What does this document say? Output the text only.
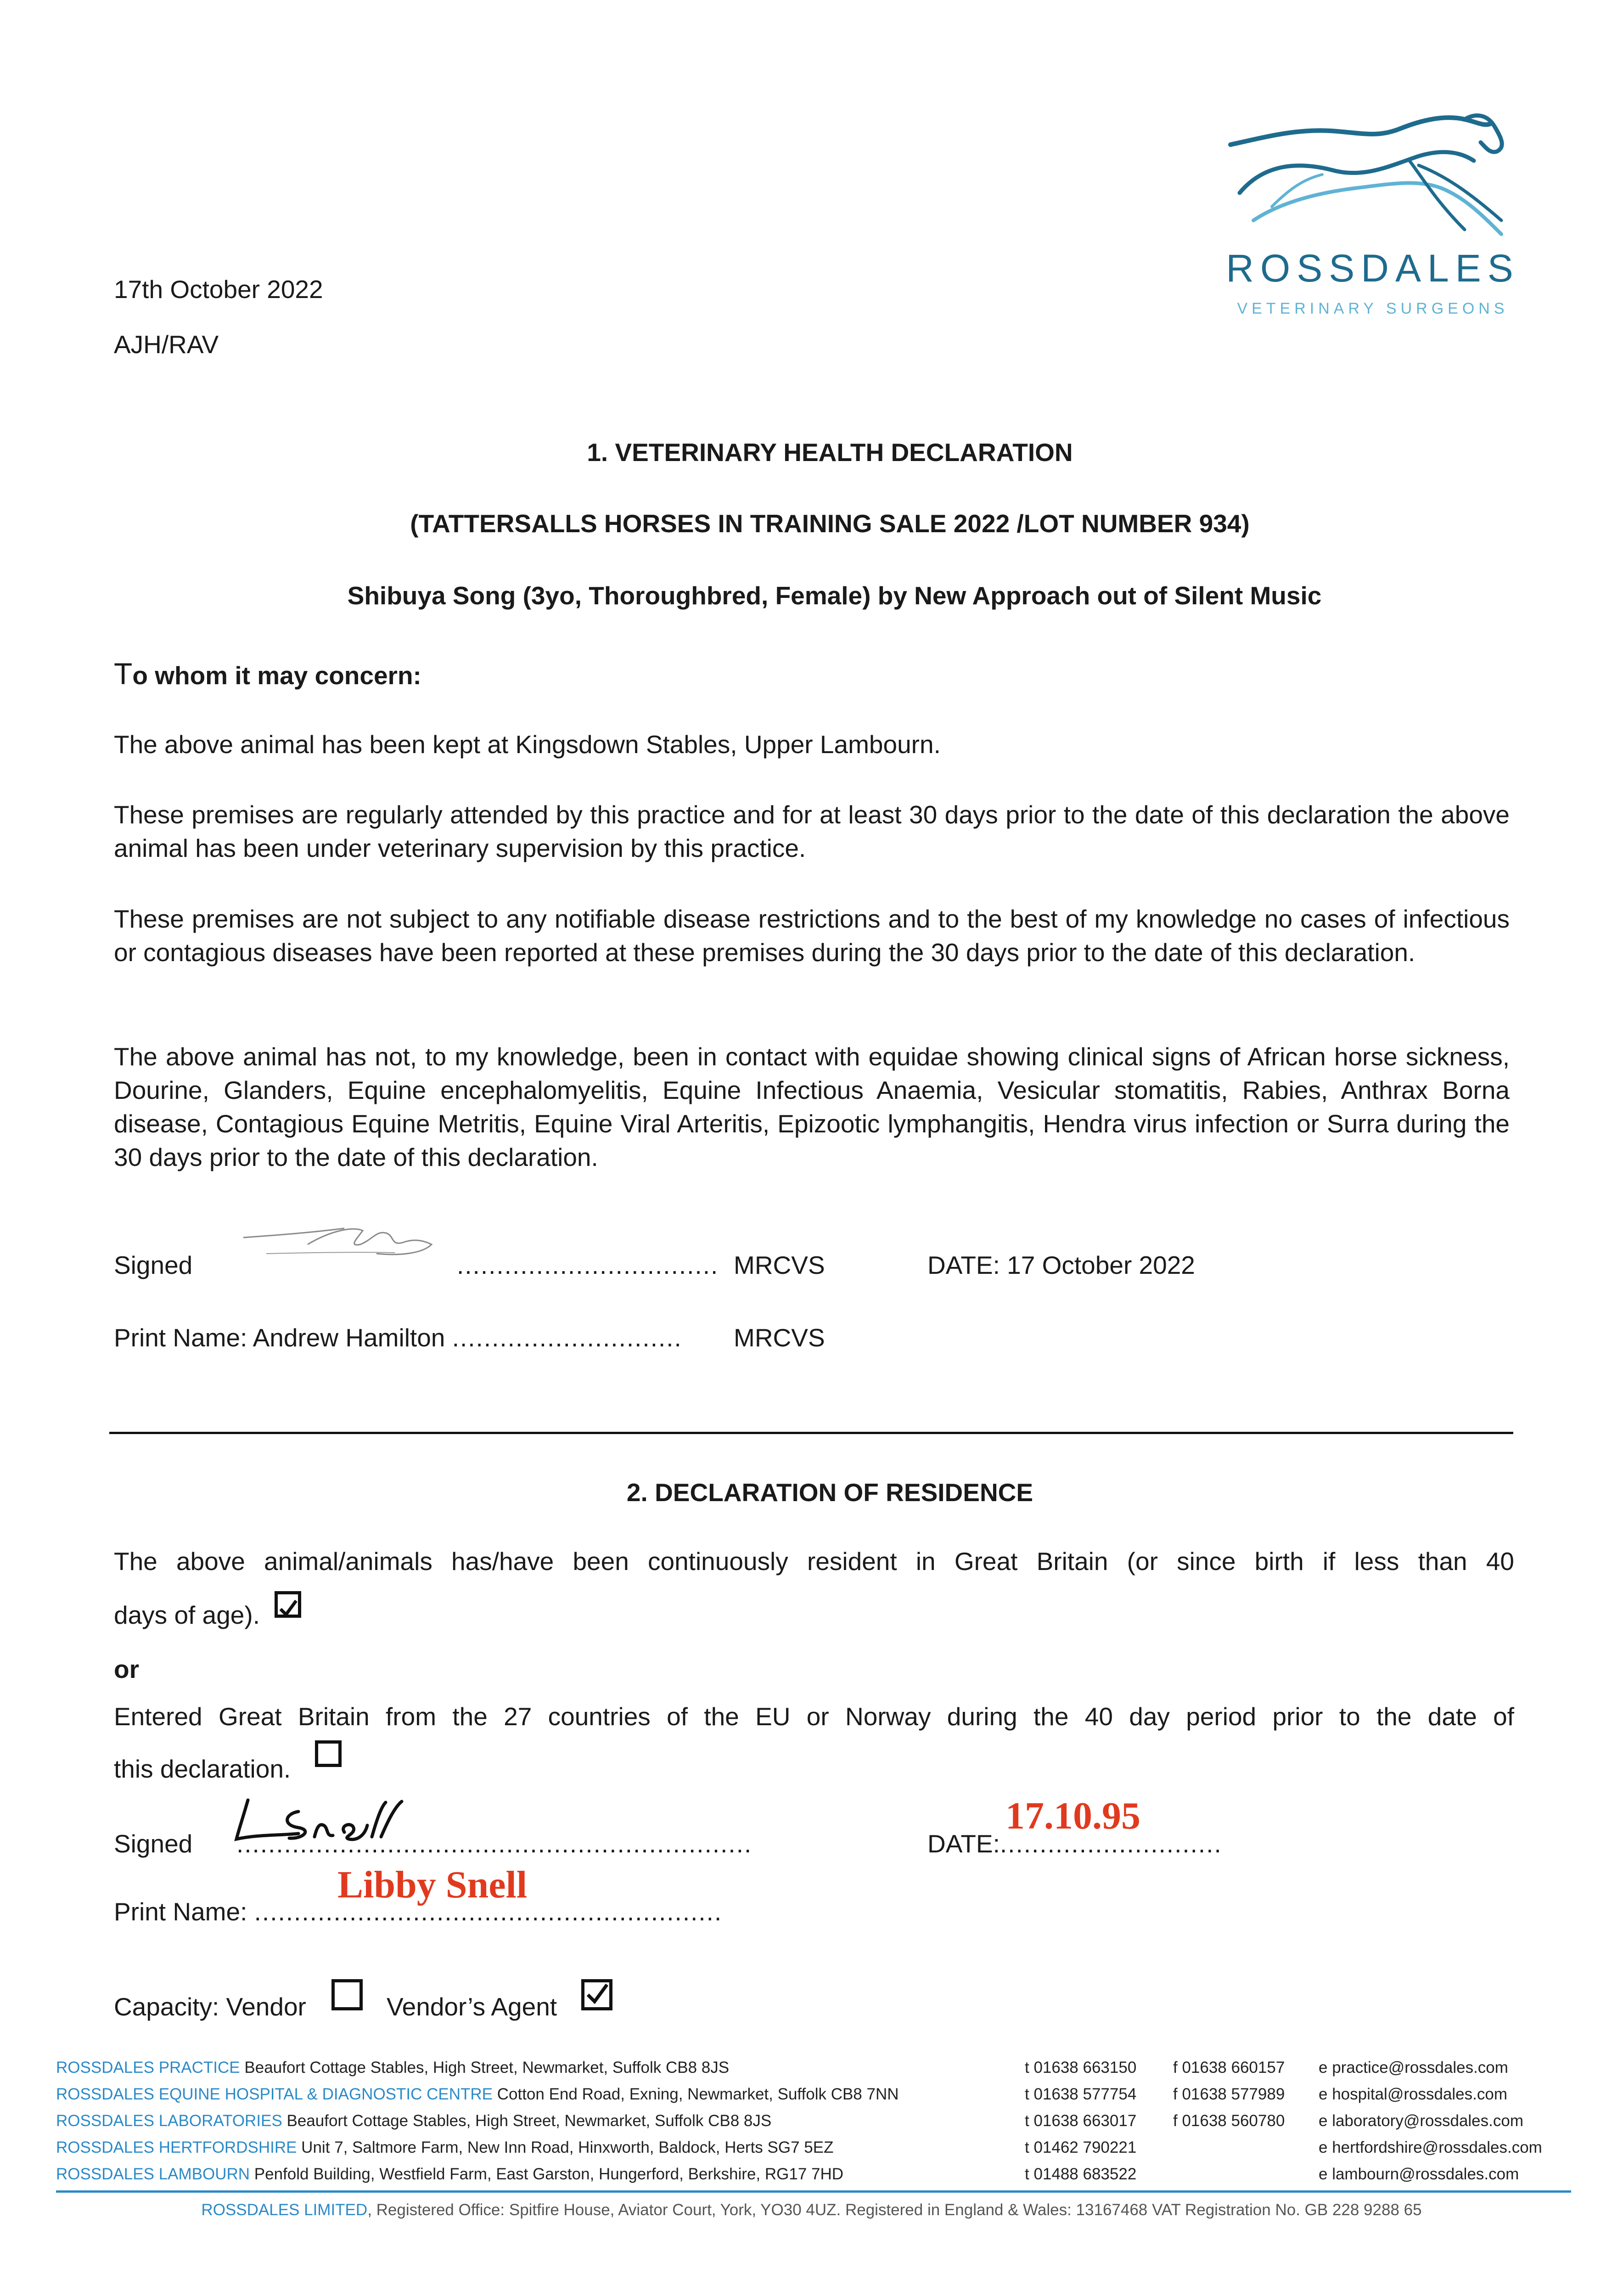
ROSSDALES
VETERINARY SURGEONS
17th October 2022
AJH/RAV
1. VETERINARY HEALTH DECLARATION
(TATTERSALLS HORSES IN TRAINING SALE 2022 /LOT NUMBER 934)
Shibuya Song (3yo, Thoroughbred, Female) by New Approach out of Silent Music
To whom it may concern:
The above animal has been kept at Kingsdown Stables, Upper Lambourn.
These premises are regularly attended by this practice and for at least 30 days prior to the date of this declaration the above animal has been under veterinary supervision by this practice.
These premises are not subject to any notifiable disease restrictions and to the best of my knowledge no cases of infectious or contagious diseases have been reported at these premises during the 30 days prior to the date of this declaration.
The above animal has not, to my knowledge, been in contact with equidae showing clinical signs of African horse sickness, Dourine, Glanders, Equine encephalomyelitis, Equine Infectious Anaemia, Vesicular stomatitis, Rabies, Anthrax Borna disease, Contagious Equine Metritis, Equine Viral Arteritis, Epizootic lymphangitis, Hendra virus infection or Surra during the 30 days prior to the date of this declaration.
Signed	................................. MRCVS	DATE: 17 October 2022
Print Name: Andrew Hamilton ............................. MRCVS
2. DECLARATION OF RESIDENCE
The above animal/animals has/have been continuously resident in Great Britain (or since birth if less than 40
days of age).
or
Entered Great Britain from the 27 countries of the EU or Norway during the 40 day period prior to the date of
this declaration.
Signed .................................................................	DATE:............................
17.10.95
Libby Snell
Print Name: ...........................................................
Capacity: Vendor	Vendor’s Agent
ROSSDALES PRACTICE Beaufort Cottage Stables, High Street, Newmarket, Suffolk CB8 8JS	t 01638 663150 f 01638 660157 e practice@rossdales.com
ROSSDALES EQUINE HOSPITAL & DIAGNOSTIC CENTRE Cotton End Road, Exning, Newmarket, Suffolk CB8 7NN	t 01638 577754 f 01638 577989 e hospital@rossdales.com
ROSSDALES LABORATORIES Beaufort Cottage Stables, High Street, Newmarket, Suffolk CB8 8JS	t 01638 663017 f 01638 560780 e laboratory@rossdales.com
ROSSDALES HERTFORDSHIRE Unit 7, Saltmore Farm, New Inn Road, Hinxworth, Baldock, Herts SG7 5EZ	t 01462 790221	e hertfordshire@rossdales.com
ROSSDALES LAMBOURN Penfold Building, Westfield Farm, East Garston, Hungerford, Berkshire, RG17 7HD	t 01488 683522	e lambourn@rossdales.com
ROSSDALES LIMITED, Registered Office: Spitfire House, Aviator Court, York, YO30 4UZ. Registered in England & Wales: 13167468 VAT Registration No. GB 228 9288 65
